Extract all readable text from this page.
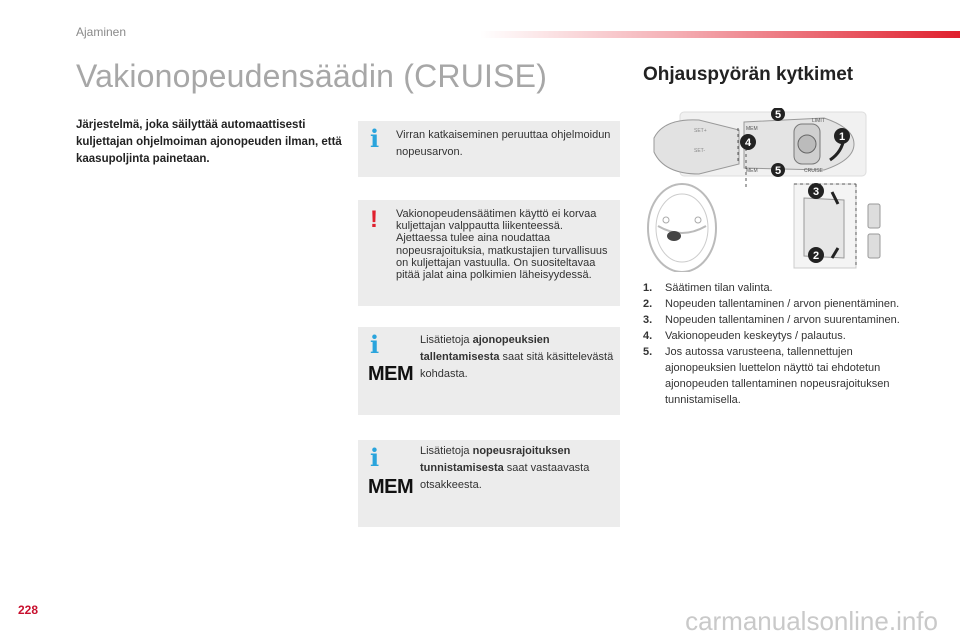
Ajaminen
Vakionopeudensäädin (CRUISE)
Järjestelmä, joka säilyttää automaattisesti kuljettajan ohjelmoiman ajonopeuden ilman, että kaasupoljinta painetaan.
i Virran katkaiseminen peruuttaa ohjelmoidun nopeusarvon.
! Vakionopeudensäätimen käyttö ei korvaa kuljettajan valppautta liikenteessä. Ajettaessa tulee aina noudattaa nopeusrajoituksia, matkustajien turvallisuus on kuljettajan vastuulla. On suositeltavaa pitää jalat aina polkimien läheisyydessä.
i
MEM
Lisätietoja ajonopeuksien tallentamisesta saat sitä käsittelevästä kohdasta.
i
MEM
Lisätietoja nopeusrajoituksen tunnistamisesta saat vastaavasta otsakkeesta.
Ohjauspyörän kytkimet
MEM
MEM	CRUISE
LIMIT
SET+
SET-
1
2
3
4
5
5
1. Säätimen tilan valinta.
2. Nopeuden tallentaminen / arvon pienentäminen.
3. Nopeuden tallentaminen / arvon suurentaminen.
4. Vakionopeuden keskeytys / palautus.
5. Jos autossa varusteena, tallennettujen ajonopeuksien luettelon näyttö tai ehdotetun ajonopeuden tallentaminen nopeusrajoituksen tunnistamisella.
228	carmanualsonline.info
